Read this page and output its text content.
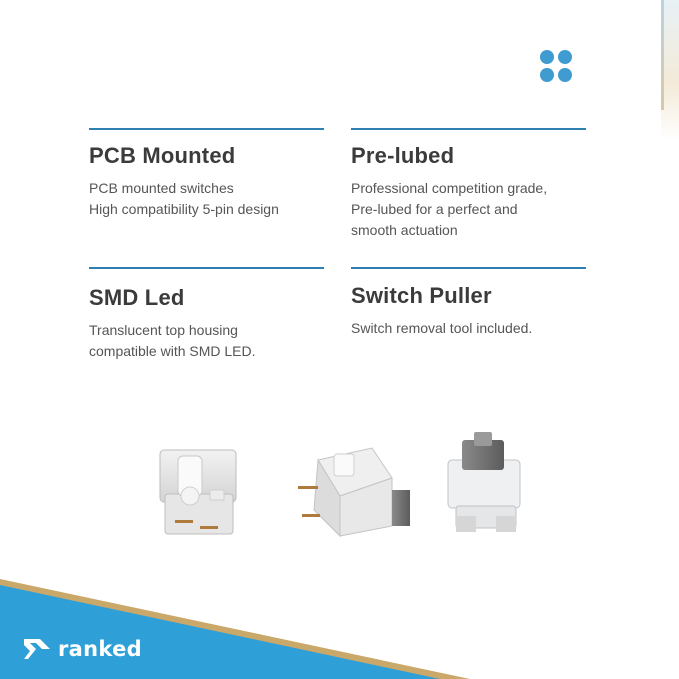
PCB Mounted
PCB mounted switches
High compatibility 5-pin design
Pre-lubed
Professional competition grade,
Pre-lubed for a perfect and
smooth actuation
SMD Led
Translucent top housing
compatible with SMD LED.
Switch Puller
Switch removal tool included.
ranked
